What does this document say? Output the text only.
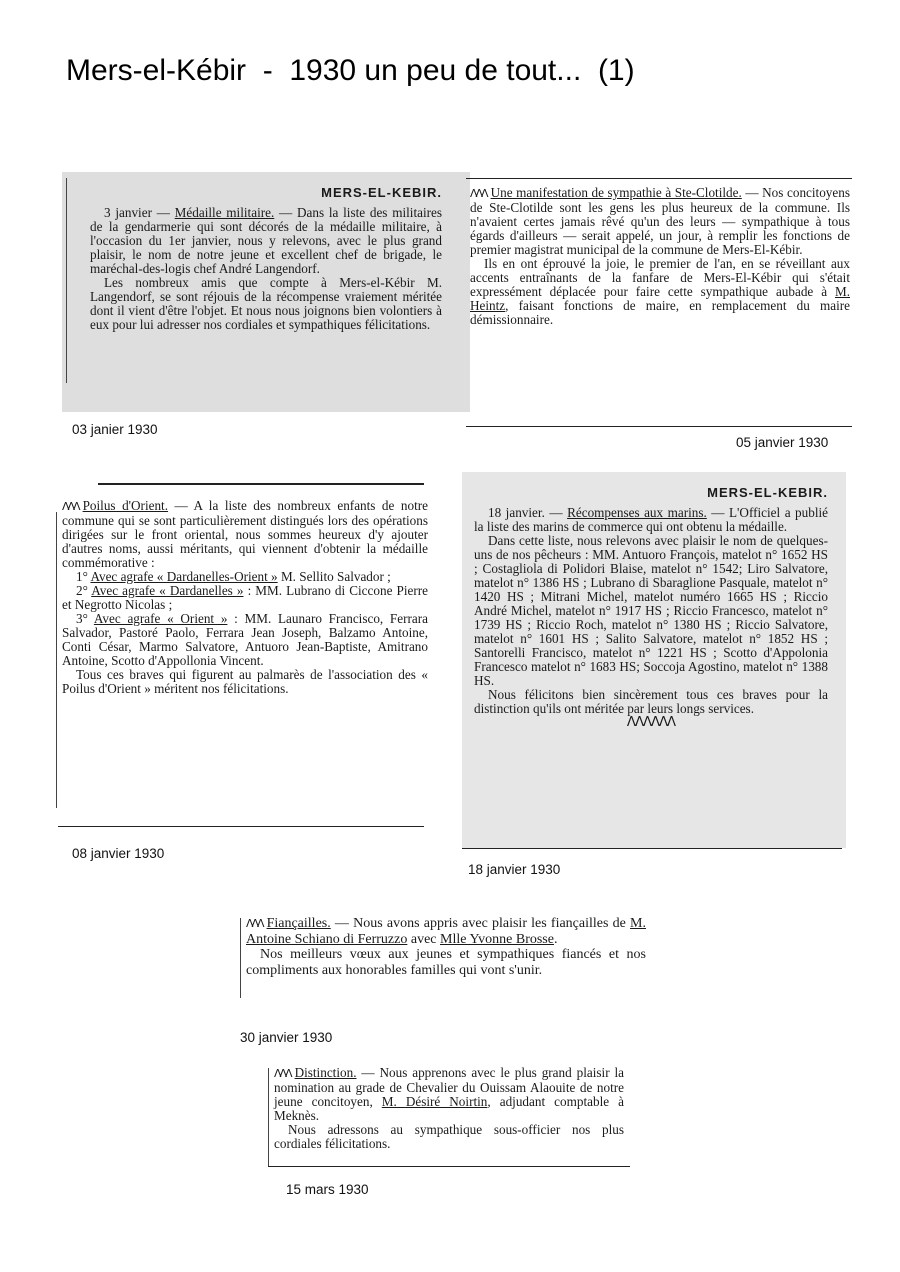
Mers-el-Kébir  -  1930 un peu de tout...  (1)
MERS-EL-KEBIR.

3 janvier — Médaille militaire. — Dans la liste des militaires de la gendarmerie qui sont décorés de la médaille militaire, à l'occasion du 1er janvier, nous y relevons, avec le plus grand plaisir, le nom de notre jeune et excellent chef de brigade, le maréchal-des-logis chef André Langendorf.

Les nombreux amis que compte à Mers-el-Kébir M. Langendorf, se sont réjouis de la récompense vraiement méritée dont il vient d'être l'objet. Et nous nous joignons bien volontiers à eux pour lui adresser nos cordiales et sympathiques félicitations.

03 janier 1930

ΛΛΛ Une manifestation de sympathie à Ste-Clotilde. — Nos concitoyens de Ste-Clotilde sont les gens les plus heureux de la commune. Ils n'avaient certes jamais rêvé qu'un des leurs — sympathique à tous égards d'ailleurs — serait appelé, un jour, à remplir les fonctions de premier magistrat municipal de la commune de Mers-El-Kébir.

Ils en ont éprouvé la joie, le premier de l'an, en se réveillant aux accents entraînants de la fanfare de Mers-El-Kébir qui s'était expressément déplacée pour faire cette sympathique aubade à M. Heintz, faisant fonctions de maire, en remplacement du maire démissionnaire.

05 janvier 1930

ΛΛΛ Poilus d'Orient. — A la liste des nombreux enfants de notre commune qui se sont particulièrement distingués lors des opérations dirigées sur le front oriental, nous sommes heureux d'y ajouter d'autres noms, aussi méritants, qui viennent d'obtenir la médaille commémorative :

1° Avec agrafe « Dardanelles-Orient » M. Sellito Salvador ;

2° Avec agrafe « Dardanelles » : MM. Lubrano di Ciccone Pierre et Negrotto Nicolas ;

3° Avec agrafe « Orient » : MM. Launaro Francisco, Ferrara Salvador, Pastoré Paolo, Ferrara Jean Joseph, Balzamo Antoine, Conti César, Marmo Salvatore, Antuoro Jean-Baptiste, Amitrano Antoine, Scotto d'Appollonia Vincent.

Tous ces braves qui figurent au palmarès de l'association des « Poilus d'Orient » méritent nos félicitations.

08 janvier 1930
MERS-EL-KEBIR.

18 janvier. — Récompenses aux marins. — L'Officiel a publié la liste des marins de commerce qui ont obtenu la médaille.

Dans cette liste, nous relevons avec plaisir le nom de quelques-uns de nos pêcheurs : MM. Antuoro François, matelot n° 1652 HS ; Costagliola di Polidori Blaise, matelot n° 1542; Liro Salvatore, matelot n° 1386 HS ; Lubrano di Sbaraglione Pasquale, matelot n° 1420 HS ; Mitrani Michel, matelot numéro 1665 HS ; Riccio André Michel, matelot n° 1917 HS ; Riccio Francesco, matelot n° 1739 HS ; Riccio Roch, matelot n° 1380 HS ; Riccio Salvatore, matelot n° 1601 HS ; Salito Salvatore, matelot n° 1852 HS ; Santorelli Francisco, matelot n° 1221 HS ; Scotto d'Appolonia Francesco matelot n° 1683 HS; Soccoja Agostino, matelot n° 1388 HS.

Nous félicitons bien sincèrement tous ces braves pour la distinction qu'ils ont méritée par leurs longs services.

ΛΛΛΛΛΛ
18 janvier 1930

ΛΛΛ Fiançailles. — Nous avons appris avec plaisir les fiançailles de M. Antoine Schiano di Ferruzzo avec Mlle Yvonne Brosse.

Nos meilleurs vœux aux jeunes et sympathiques fiancés et nos compliments aux honorables familles qui vont s'unir.

30 janvier 1930

ΛΛΛ Distinction. — Nous apprenons avec le plus grand plaisir la nomination au grade de Chevalier du Ouissam Alaouite de notre jeune concitoyen, M. Désiré Noirtin, adjudant comptable à Meknès.

Nous adressons au sympathique sous-officier nos plus cordiales félicitations.

15 mars 1930
